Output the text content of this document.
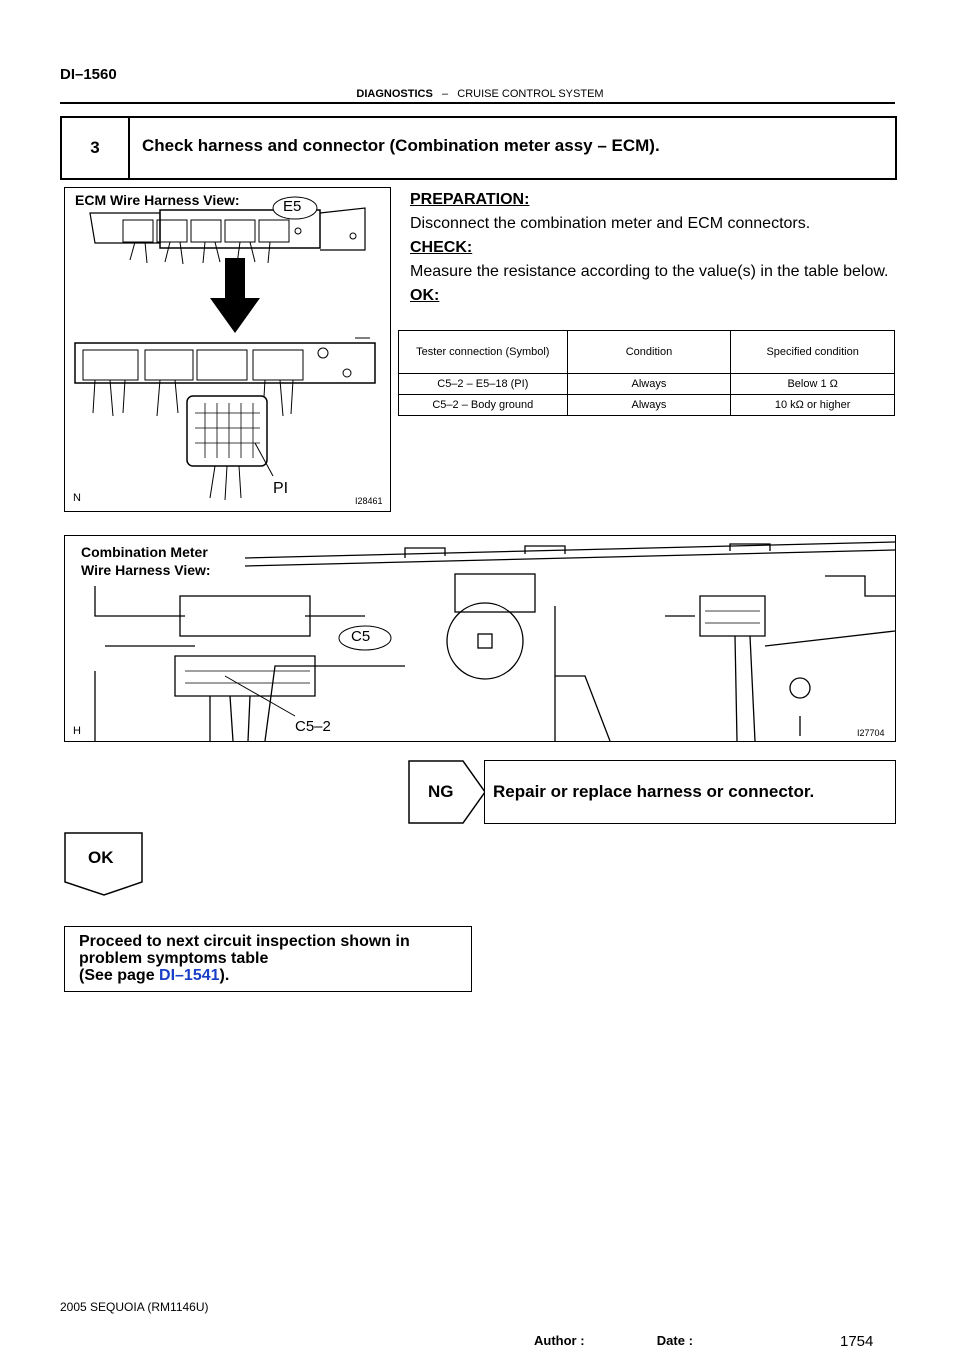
DI–1560
DIAGNOSTICS – CRUISE CONTROL SYSTEM
3	Check harness and connector (Combination meter assy – ECM).
ECM Wire Harness View:	E5
PI
N	I28461
PREPARATION:
Disconnect the combination meter and ECM connectors.
CHECK:
Measure the resistance according to the value(s) in the table below.
OK:
Tester connection (Symbol)	Condition	Specified condition
C5–2 – E5–18 (PI)	Always	Below 1 Ω
C5–2 – Body ground	Always	10 kΩ or higher
Combination Meter
Wire Harness View:
C5
C5–2
H	I27704
NG Repair or replace harness or connector.
OK
Proceed to next circuit inspection shown in
problem symptoms table
(See page DI–1541).
2005 SEQUOIA (RM1146U)
Author :                    Date :	1754
